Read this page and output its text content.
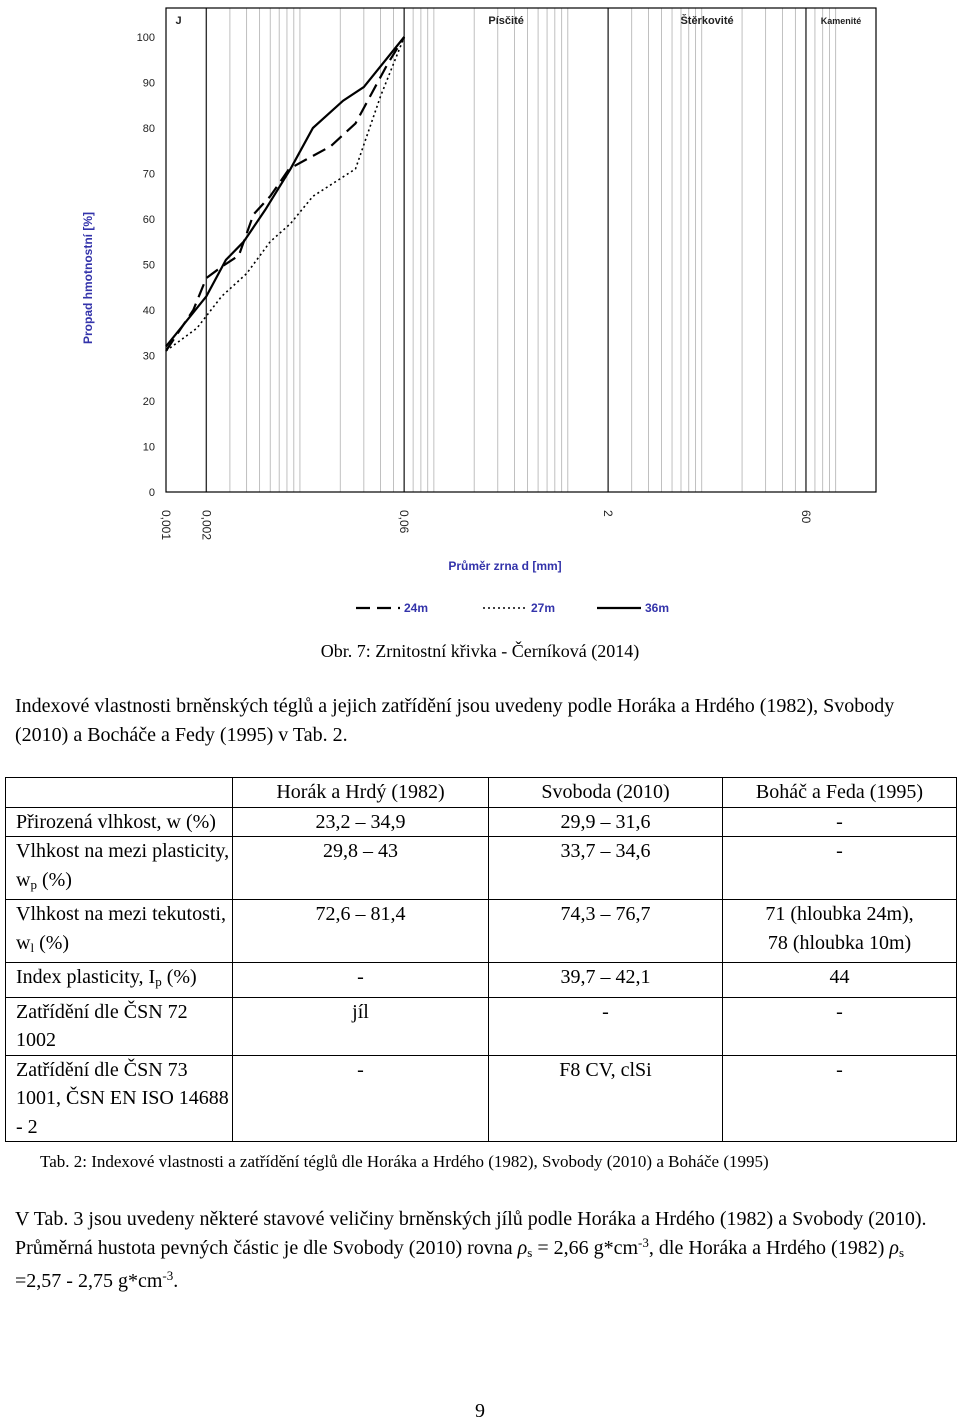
J	Písčité	Štěrkovité	Kamenité
0
10
20
30
40
50
60
70
80
90
100
0,001 0,002	0,06	2	60
Propad hmotnostní [%]
Průměr zrna d [mm]
24m	27m	36m
Obr. 7: Zrnitostní křivka - Černíková (2014)
Indexové vlastnosti brněnských téglů a jejich zatřídění jsou uvedeny podle Horáka a Hrdého (1982), Svobody (2010) a Bocháče a Fedy (1995) v Tab. 2.
	Horák a Hrdý (1982)	Svoboda (2010)	Boháč a Feda (1995)
Přirozená vlhkost, w (%)	23,2 – 34,9	29,9 – 31,6	-
Vlhkost na mezi plasticity, $w_p$ (%)	29,8 – 43	33,7 – 34,6	-
Vlhkost na mezi tekutosti, $w_l$ (%)	72,6 – 81,4	74,3 – 76,7	71 (hloubka 24m),
78 (hloubka 10m)
Index plasticity, $I_p$ (%)	-	39,7 – 42,1	44
Zatřídění dle ČSN 72 1002	jíl	-	-
Zatřídění dle ČSN 73 1001, ČSN EN ISO 14688 - 2	-	F8 CV, clSi	-
Tab. 2: Indexové vlastnosti a zatřídění téglů dle Horáka a Hrdého (1982), Svobody (2010) a Boháče (1995)
V Tab. 3 jsou uvedeny některé stavové veličiny brněnských jílů podle Horáka a Hrdého (1982) a Svobody (2010). Průměrná hustota pevných částic je dle Svobody (2010) rovna $\rho_s = 2,66$ $g*cm^{-3}$, dle Horáka a Hrdého (1982) $\rho_s =2,57 - 2,75$ $g*cm^{-3}$.
9
